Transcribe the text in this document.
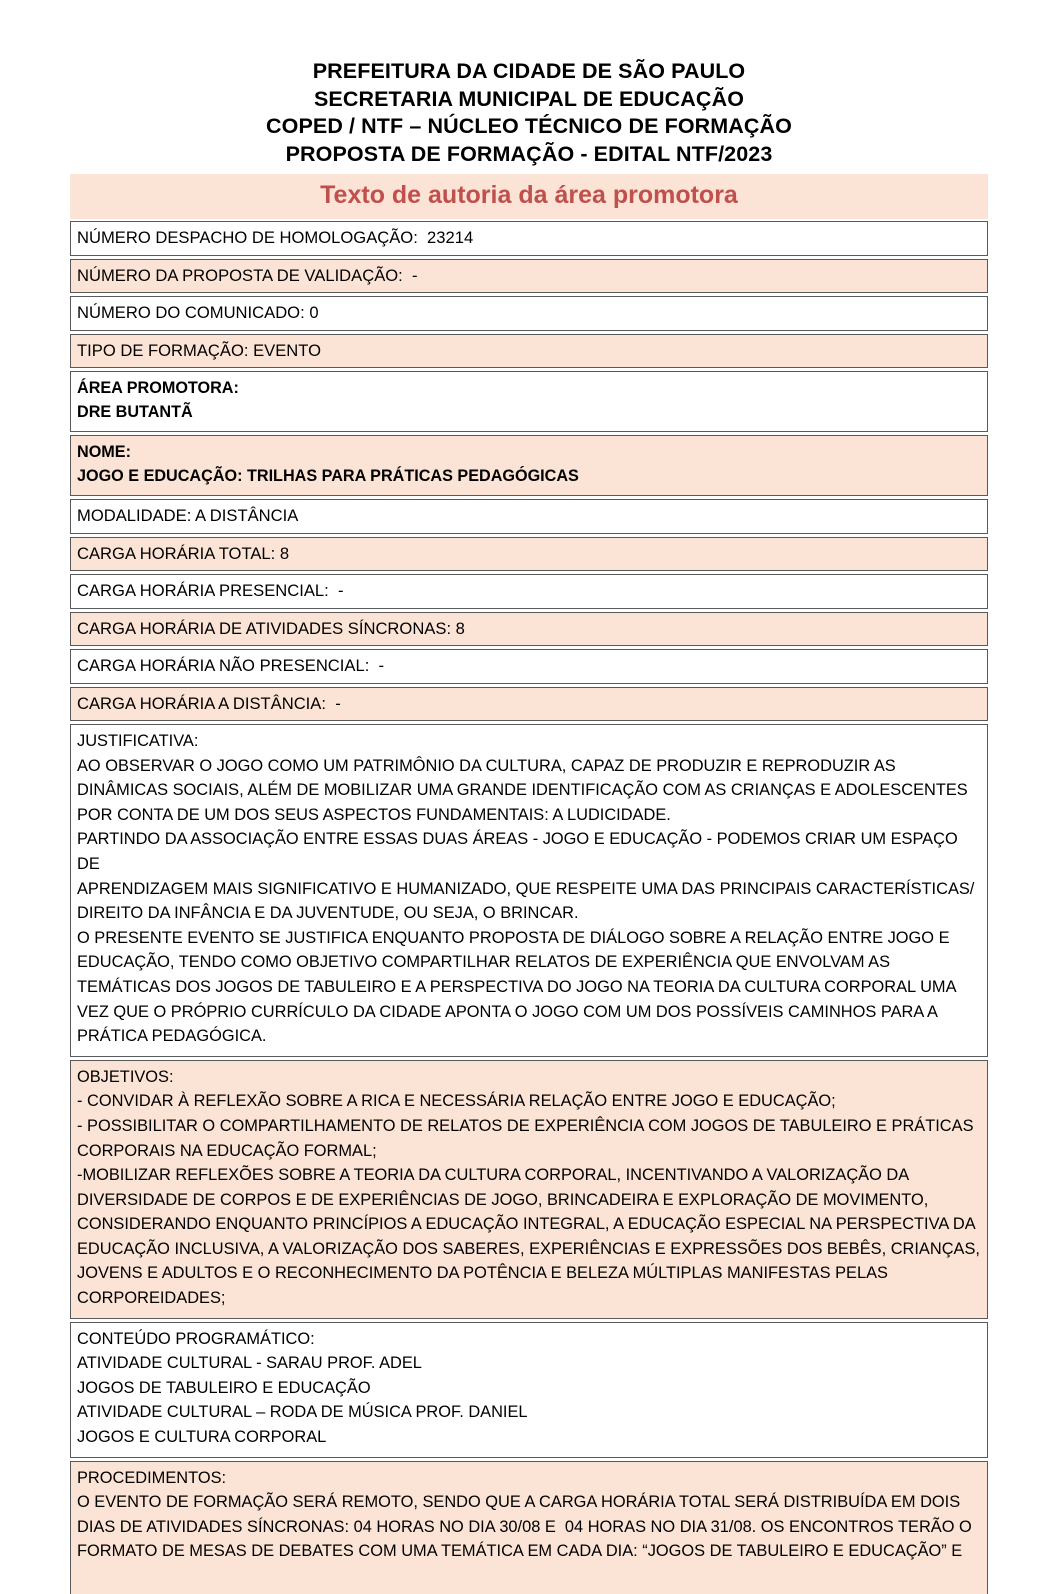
PREFEITURA DA CIDADE DE SÃO PAULO
SECRETARIA MUNICIPAL DE EDUCAÇÃO
COPED / NTF – NÚCLEO TÉCNICO DE FORMAÇÃO
PROPOSTA DE FORMAÇÃO - EDITAL NTF/2023
Texto de autoria da área promotora
NÚMERO DESPACHO DE HOMOLOGAÇÃO:  23214
NÚMERO DA PROPOSTA DE VALIDAÇÃO:  -
NÚMERO DO COMUNICADO: 0
TIPO DE FORMAÇÃO: EVENTO
ÁREA PROMOTORA:
DRE BUTANTÃ
NOME:
JOGO E EDUCAÇÃO: TRILHAS PARA PRÁTICAS PEDAGÓGICAS
MODALIDADE: A DISTÂNCIA
CARGA HORÁRIA TOTAL: 8
CARGA HORÁRIA PRESENCIAL:  -
CARGA HORÁRIA DE ATIVIDADES SÍNCRONAS: 8
CARGA HORÁRIA NÃO PRESENCIAL:  -
CARGA HORÁRIA A DISTÂNCIA:  -
JUSTIFICATIVA:
AO OBSERVAR O JOGO COMO UM PATRIMÔNIO DA CULTURA, CAPAZ DE PRODUZIR E REPRODUZIR AS
DINÂMICAS SOCIAIS, ALÉM DE MOBILIZAR UMA GRANDE IDENTIFICAÇÃO COM AS CRIANÇAS E ADOLESCENTES
POR CONTA DE UM DOS SEUS ASPECTOS FUNDAMENTAIS: A LUDICIDADE.
PARTINDO DA ASSOCIAÇÃO ENTRE ESSAS DUAS ÁREAS - JOGO E EDUCAÇÃO - PODEMOS CRIAR UM ESPAÇO DE
APRENDIZAGEM MAIS SIGNIFICATIVO E HUMANIZADO, QUE RESPEITE UMA DAS PRINCIPAIS CARACTERÍSTICAS/
DIREITO DA INFÂNCIA E DA JUVENTUDE, OU SEJA, O BRINCAR.
O PRESENTE EVENTO SE JUSTIFICA ENQUANTO PROPOSTA DE DIÁLOGO SOBRE A RELAÇÃO ENTRE JOGO E
EDUCAÇÃO, TENDO COMO OBJETIVO COMPARTILHAR RELATOS DE EXPERIÊNCIA QUE ENVOLVAM AS
TEMÁTICAS DOS JOGOS DE TABULEIRO E A PERSPECTIVA DO JOGO NA TEORIA DA CULTURA CORPORAL UMA
VEZ QUE O PRÓPRIO CURRÍCULO DA CIDADE APONTA O JOGO COM UM DOS POSSÍVEIS CAMINHOS PARA A
PRÁTICA PEDAGÓGICA.
OBJETIVOS:
- CONVIDAR À REFLEXÃO SOBRE A RICA E NECESSÁRIA RELAÇÃO ENTRE JOGO E EDUCAÇÃO;
- POSSIBILITAR O COMPARTILHAMENTO DE RELATOS DE EXPERIÊNCIA COM JOGOS DE TABULEIRO E PRÁTICAS
CORPORAIS NA EDUCAÇÃO FORMAL;
-MOBILIZAR REFLEXÕES SOBRE A TEORIA DA CULTURA CORPORAL, INCENTIVANDO A VALORIZAÇÃO DA
DIVERSIDADE DE CORPOS E DE EXPERIÊNCIAS DE JOGO, BRINCADEIRA E EXPLORAÇÃO DE MOVIMENTO,
CONSIDERANDO ENQUANTO PRINCÍPIOS A EDUCAÇÃO INTEGRAL, A EDUCAÇÃO ESPECIAL NA PERSPECTIVA DA
EDUCAÇÃO INCLUSIVA, A VALORIZAÇÃO DOS SABERES, EXPERIÊNCIAS E EXPRESSÕES DOS BEBÊS, CRIANÇAS,
JOVENS E ADULTOS E O RECONHECIMENTO DA POTÊNCIA E BELEZA MÚLTIPLAS MANIFESTAS PELAS
CORPOREIDADES;
CONTEÚDO PROGRAMÁTICO:
ATIVIDADE CULTURAL - SARAU PROF. ADEL
JOGOS DE TABULEIRO E EDUCAÇÃO
ATIVIDADE CULTURAL – RODA DE MÚSICA PROF. DANIEL
JOGOS E CULTURA CORPORAL
PROCEDIMENTOS:
O EVENTO DE FORMAÇÃO SERÁ REMOTO, SENDO QUE A CARGA HORÁRIA TOTAL SERÁ DISTRIBUÍDA EM DOIS
DIAS DE ATIVIDADES SÍNCRONAS: 04 HORAS NO DIA 30/08 E  04 HORAS NO DIA 31/08. OS ENCONTROS TERÃO O
FORMATO DE MESAS DE DEBATES COM UMA TEMÁTICA EM CADA DIA: “JOGOS DE TABULEIRO E EDUCAÇÃO” E
